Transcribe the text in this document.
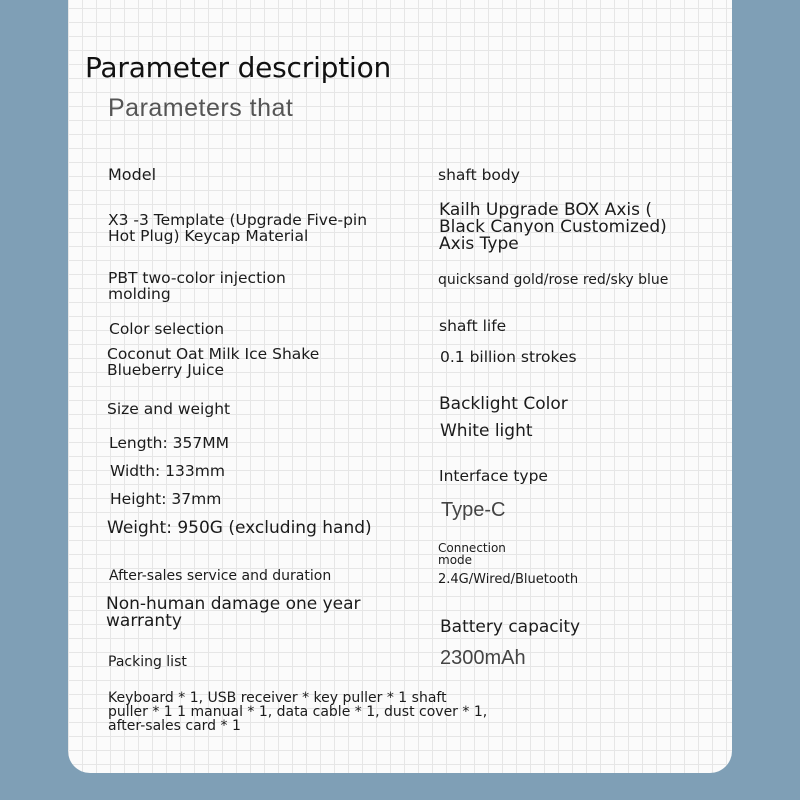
Parameter description

Parameters that

Model

X3 -3 Template (Upgrade Five-pin
Hot Plug) Keycap Material

PBT two-color injection
molding

Color selection

Coconut Oat Milk Ice Shake
Blueberry Juice

Size and weight

Length: 357MM

Width: 133mm

Height: 37mm

Weight: 950G (excluding hand)

After-sales service and duration

Non-human damage one year
warranty

Packing list

Keyboard * 1, USB receiver * key puller * 1 shaft
puller * 1 1 manual * 1, data cable * 1, dust cover * 1,
after-sales card * 1

shaft body

Kailh Upgrade BOX Axis (
Black Canyon Customized)
Axis Type

quicksand gold/rose red/sky blue

shaft life

0.1 billion strokes

Backlight Color

White light

Interface type

Type-C

Connection
mode

2.4G/Wired/Bluetooth

Battery capacity

2300mAh
